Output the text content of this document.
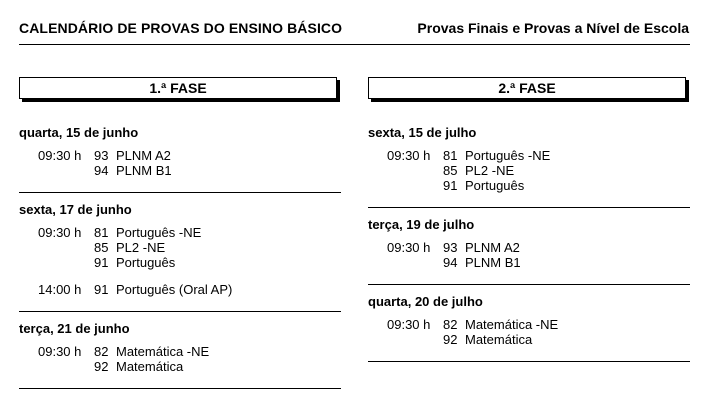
CALENDÁRIO DE PROVAS DO ENSINO BÁSICO	Provas Finais e Provas a Nível de Escola
1.ª FASE
quarta, 15 de junho
09:30 h 93 PLNM A2
94 PLNM B1
sexta, 17 de junho
09:30 h 81 Português -NE
85 PL2 -NE
91 Português
14:00 h 91 Português (Oral AP)
terça, 21 de junho
09:30 h 82 Matemática -NE
92 Matemática
2.ª FASE
sexta, 15 de julho
09:30 h 81 Português -NE
85 PL2 -NE
91 Português
terça, 19 de julho
09:30 h 93 PLNM A2
94 PLNM B1
quarta, 20 de julho
09:30 h 82 Matemática -NE
92 Matemática
